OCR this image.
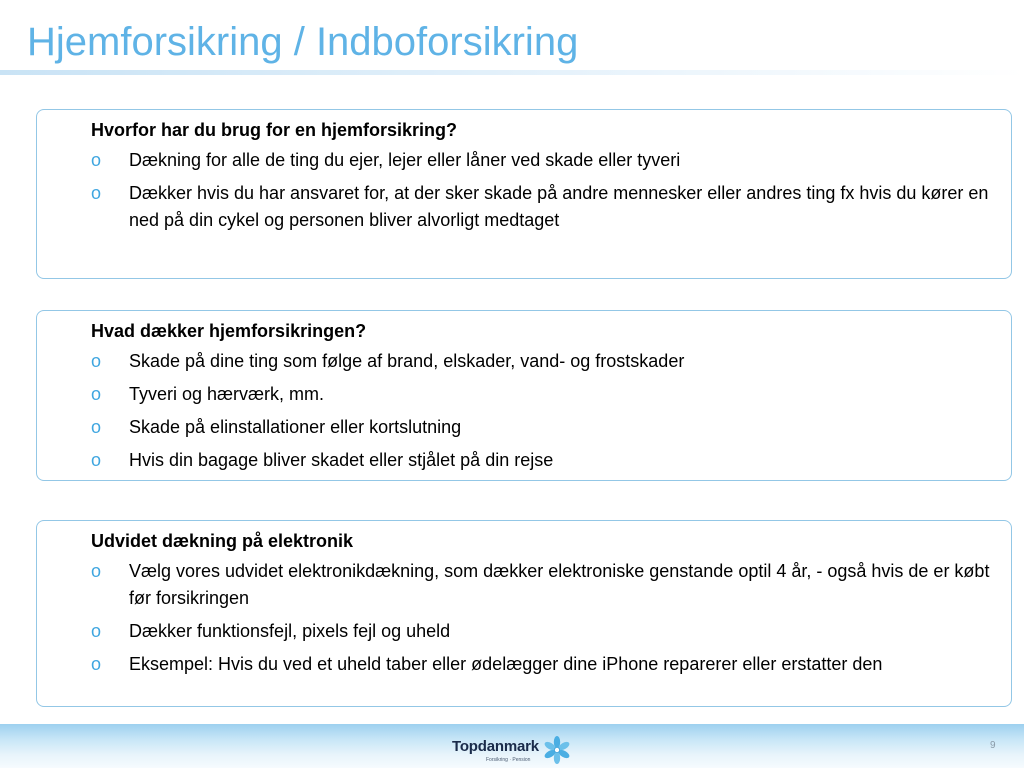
Hjemforsikring / Indboforsikring

Hvorfor har du brug for en hjemforsikring?

o Dækning for alle de ting du ejer, lejer eller låner ved skade eller tyveri
o Dækker hvis du har ansvaret for, at der sker skade på andre mennesker eller andres ting fx hvis du kører en ned på din cykel og personen bliver alvorligt medtaget

Hvad dækker hjemforsikringen?

o Skade på dine ting som følge af brand, elskader, vand- og frostskader
o Tyveri og hærværk, mm.
o Skade på elinstallationer eller kortslutning
o Hvis din bagage bliver skadet eller stjålet på din rejse

Udvidet dækning på elektronik

o Vælg vores udvidet elektronikdækning, som dækker elektroniske genstande optil 4 år, - også hvis de er købt før forsikringen
o Dækker funktionsfejl, pixels fejl og uheld
o Eksempel: Hvis du ved et uheld taber eller ødelægger dine iPhone reparerer eller erstatter den
Topdanmark
Forsikring · Pension
9
